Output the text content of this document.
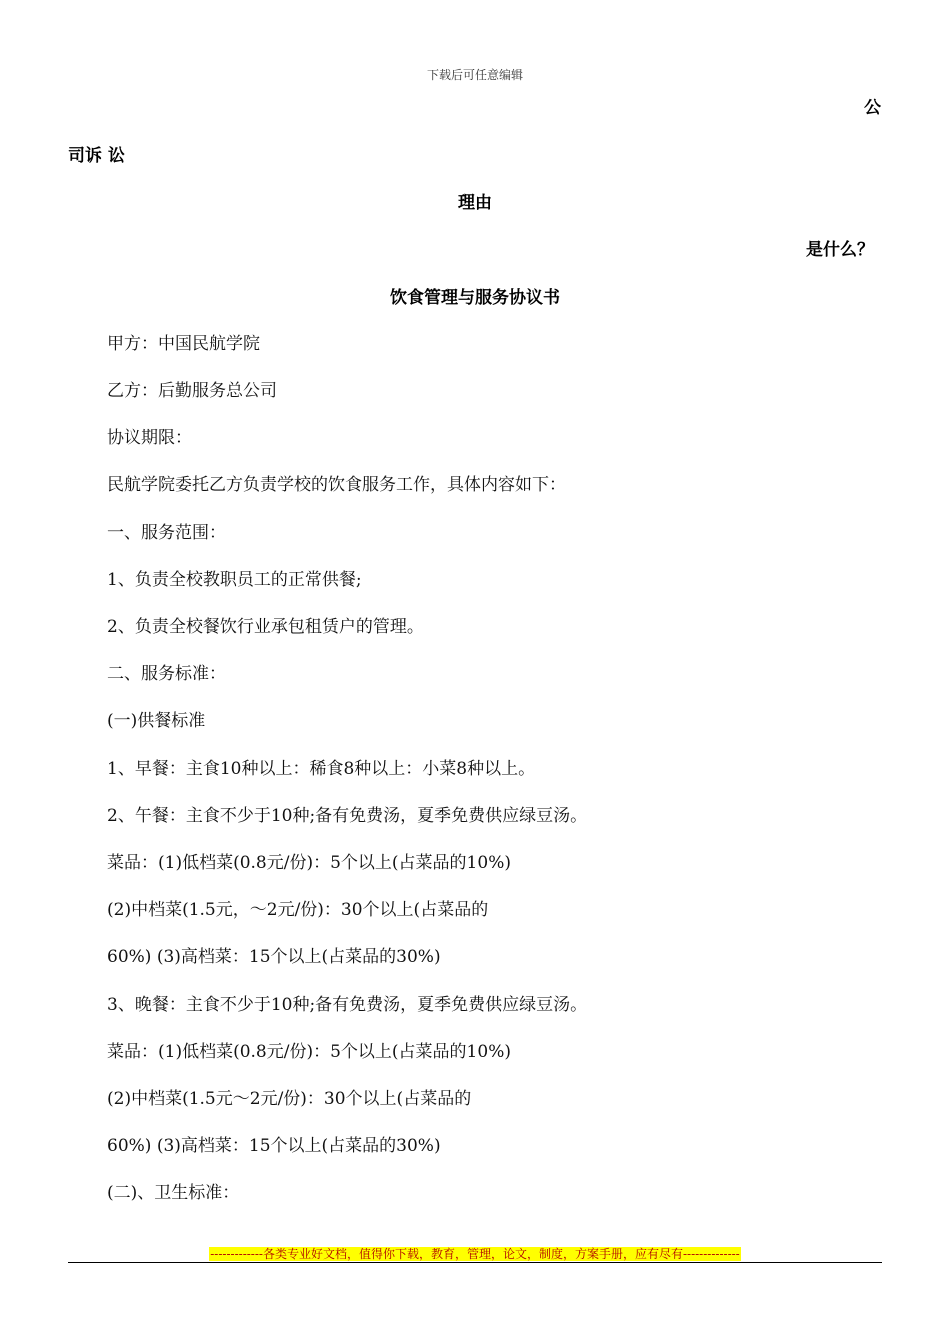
下载后可任意编辑
公
司诉 讼
理由
是什么？
饮食管理与服务协议书
甲方：中国民航学院
乙方：后勤服务总公司
协议期限：
民航学院委托乙方负责学校的饮食服务工作，具体内容如下：
一、服务范围：
1、负责全校教职员工的正常供餐;
2、负责全校餐饮行业承包租赁户的管理。
二、服务标准：
(一)供餐标准
1、早餐：主食10种以上：稀食8种以上：小菜8种以上。
2、午餐：主食不少于10种;备有免费汤，夏季免费供应绿豆汤。
菜品：(1)低档菜(0.8元/份)：5个以上(占菜品的10%)
(2)中档菜(1.5元，～2元/份)：30个以上(占菜品的
60%) (3)高档菜：15个以上(占菜品的30%)
3、晚餐：主食不少于10种;备有免费汤，夏季免费供应绿豆汤。
菜品：(1)低档菜(0.8元/份)：5个以上(占菜品的10%)
(2)中档菜(1.5元～2元/份)：30个以上(占菜品的
60%) (3)高档菜：15个以上(占菜品的30%)
(二)、卫生标准：
-------------各类专业好文档，值得你下载，教育，管理，论文，制度，方案手册，应有尽有--------------
